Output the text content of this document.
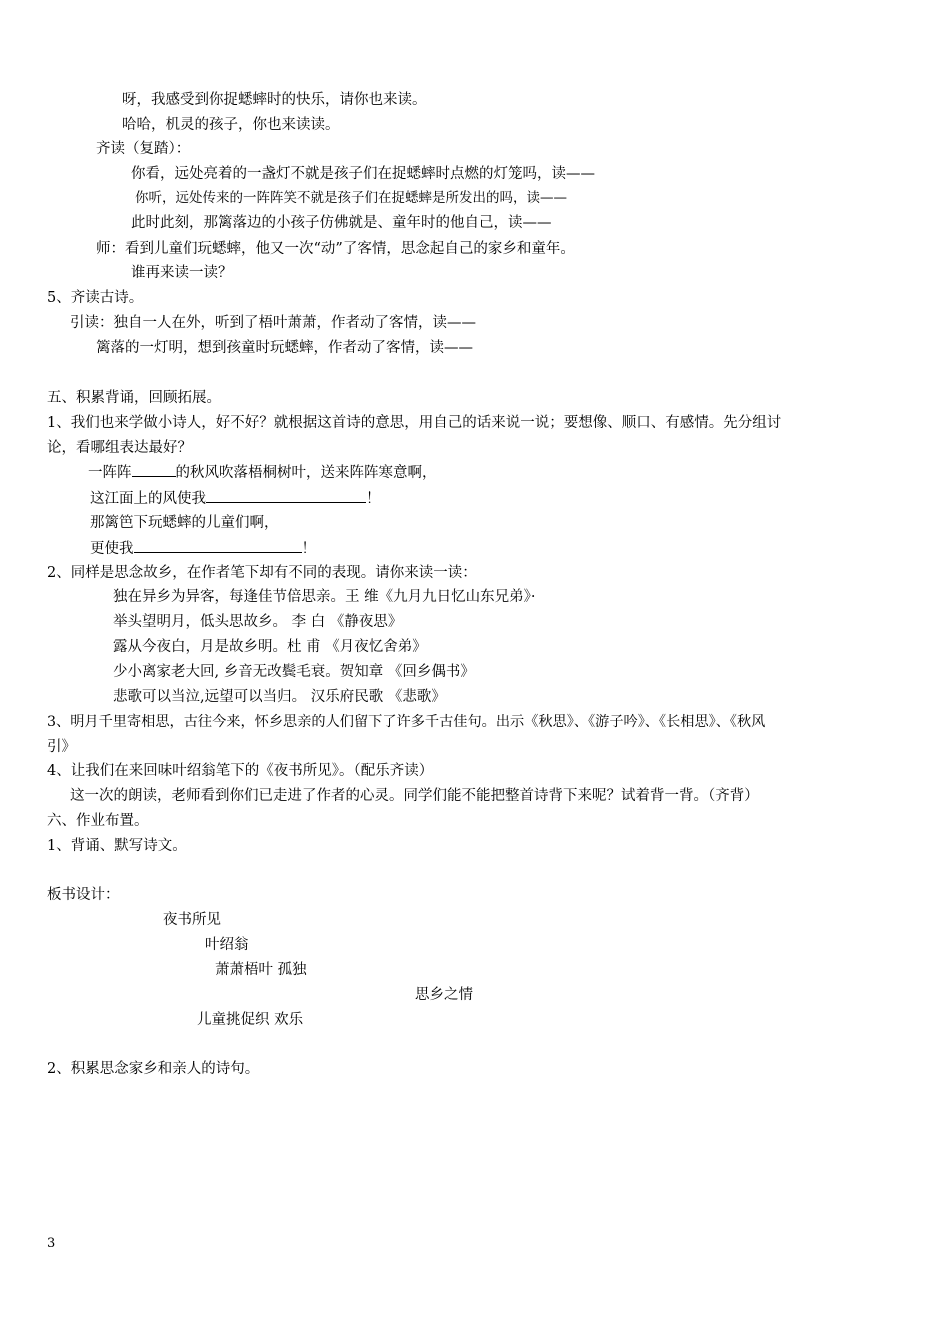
呀，我感受到你捉蟋蟀时的快乐，请你也来读。
哈哈，机灵的孩子，你也来读读。
齐读（复踏）：
你看，远处亮着的一盏灯不就是孩子们在捉蟋蟀时点燃的灯笼吗，读——
你听，远处传来的一阵阵笑不就是孩子们在捉蟋蟀是所发出的吗，读——
此时此刻，那篱落边的小孩子仿佛就是、童年时的他自己，读——
师：看到儿童们玩蟋蟀，他又一次“动”了客情，思念起自己的家乡和童年。
谁再来读一读？
5、齐读古诗。
引读：独自一人在外，听到了梧叶萧萧，作者动了客情，读——
篱落的一灯明，想到孩童时玩蟋蟀，作者动了客情，读——
五、积累背诵，回顾拓展。
1、我们也来学做小诗人，好不好？就根据这首诗的意思，用自己的话来说一说；要想像、顺口、有感情。先分组讨
论，看哪组表达最好？
一阵阵	的秋风吹落梧桐树叶，送来阵阵寒意啊，
这江面上的风使我	！
那篱笆下玩蟋蟀的儿童们啊，
更使我	！
2、同样是思念故乡，在作者笔下却有不同的表现。请你来读一读：
独在异乡为异客，每逢佳节倍思亲。王 维《九月九日忆山东兄弟》·
举头望明月，低头思故乡。 李 白 《静夜思》
露从今夜白，月是故乡明。杜 甫 《月夜忆舍弟》
少小离家老大回, 乡音无改鬓毛衰。贺知章 《回乡偶书》
悲歌可以当泣,远望可以当归。 汉乐府民歌 《悲歌》
3、明月千里寄相思，古往今来，怀乡思亲的人们留下了许多千古佳句。出示《秋思》、《游子吟》、《长相思》、《秋风
引》
4、让我们在来回味叶绍翁笔下的《夜书所见》。（配乐齐读）
这一次的朗读，老师看到你们已走进了作者的心灵。同学们能不能把整首诗背下来呢？试着背一背。（齐背）
六、作业布置。
1、背诵、默写诗文。
板书设计：
夜书所见
叶绍翁
萧萧梧叶 孤独
思乡之情
儿童挑促织 欢乐
2、积累思念家乡和亲人的诗句。
3
